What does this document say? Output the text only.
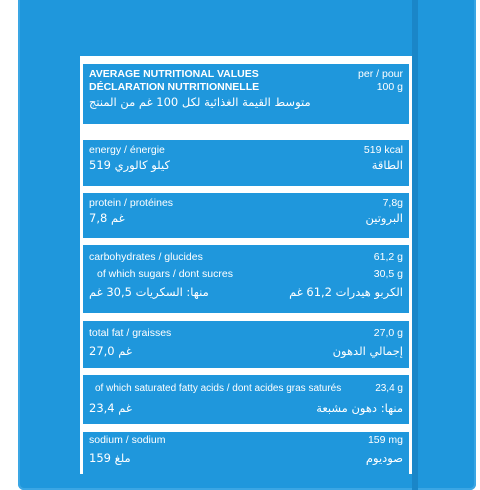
AVERAGE NUTRITIONAL VALUES	per / pour
DÉCLARATION NUTRITIONNELLE	100 g
متوسط القيمة الغذائية لكل 100 غم من المنتج
energy / énergie	519 kcal
519 كيلو كالوري	الطاقة
protein / protéines	7,8g
7,8 غم	البروتين
carbohydrates / glucides	61,2 g
of which sugars / dont sucres	30,5 g
منها: السكريات 30,5 غم	الكربو هيدرات 61,2 غم
total fat / graisses	27,0 g
27,0 غم	إجمالي الدهون
of which saturated fatty acids / dont acides gras saturés	23,4 g
23,4 غم	منها: دهون مشبعة
sodium / sodium	159 mg
159 ملغ	صوديوم
